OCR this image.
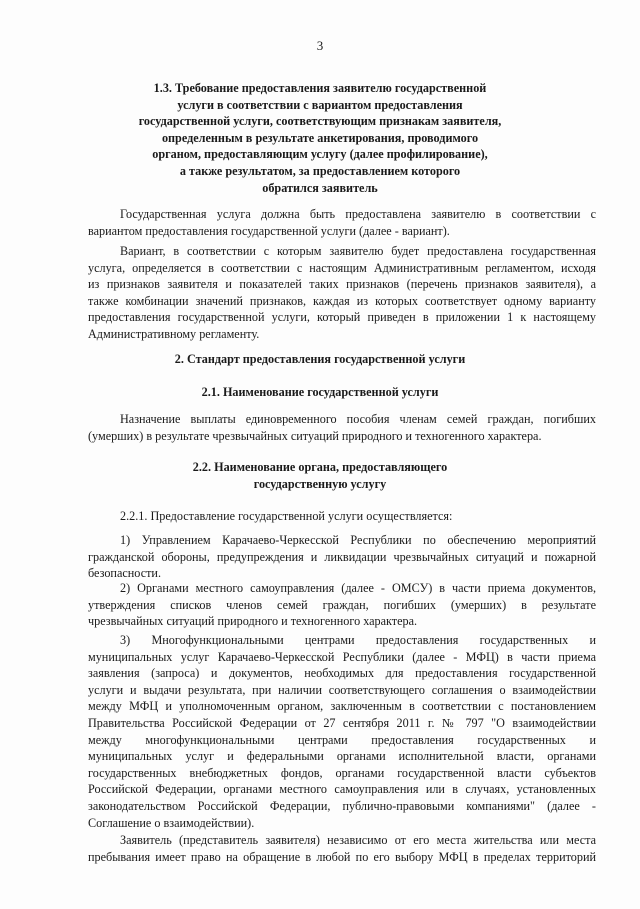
3
1.3. Требование предоставления заявителю государственной
услуги в соответствии с вариантом предоставления
государственной услуги, соответствующим признакам заявителя,
определенным в результате анкетирования, проводимого
органом, предоставляющим услугу (далее профилирование),
а также результатом, за предоставлением которого
обратился заявитель
Государственная услуга должна быть предоставлена заявителю в соответствии с
вариантом предоставления государственной услуги (далее - вариант).
Вариант, в соответствии с которым заявителю будет предоставлена государственная
услуга, определяется в соответствии с настоящим Административным регламентом, исходя
из признаков заявителя и показателей таких признаков (перечень признаков заявителя), а
также комбинации значений признаков, каждая из которых соответствует одному варианту
предоставления государственной услуги, который приведен в приложении 1 к настоящему
Административному регламенту.
2. Стандарт предоставления государственной услуги
2.1. Наименование государственной услуги
Назначение выплаты единовременного пособия членам семей граждан, погибших
(умерших) в результате чрезвычайных ситуаций природного и техногенного характера.
2.2. Наименование органа, предоставляющего
государственную услугу
2.2.1. Предоставление государственной услуги осуществляется:
1) Управлением Карачаево-Черкесской Республики по обеспечению мероприятий
гражданской обороны, предупреждения и ликвидации чрезвычайных ситуаций и пожарной
безопасности.
2) Органами местного самоуправления (далее - ОМСУ) в части приема документов,
утверждения списков членов семей граждан, погибших (умерших) в результате
чрезвычайных ситуаций природного и техногенного характера.
3) Многофункциональными центрами предоставления государственных и
муниципальных услуг Карачаево-Черкесской Республики (далее - МФЦ) в части приема
заявления (запроса) и документов, необходимых для предоставления государственной
услуги и выдачи результата, при наличии соответствующего соглашения о взаимодействии
между МФЦ и уполномоченным органом, заключенным в соответствии с постановлением
Правительства Российской Федерации от 27 сентября 2011 г. № 797 "О взаимодействии
между многофункциональными центрами предоставления государственных и
муниципальных услуг и федеральными органами исполнительной власти, органами
государственных внебюджетных фондов, органами государственной власти субъектов
Российской Федерации, органами местного самоуправления или в случаях, установленных
законодательством Российской Федерации, публично-правовыми компаниями" (далее -
Соглашение о взаимодействии).
Заявитель (представитель заявителя) независимо от его места жительства или места
пребывания имеет право на обращение в любой по его выбору МФЦ в пределах территорий
